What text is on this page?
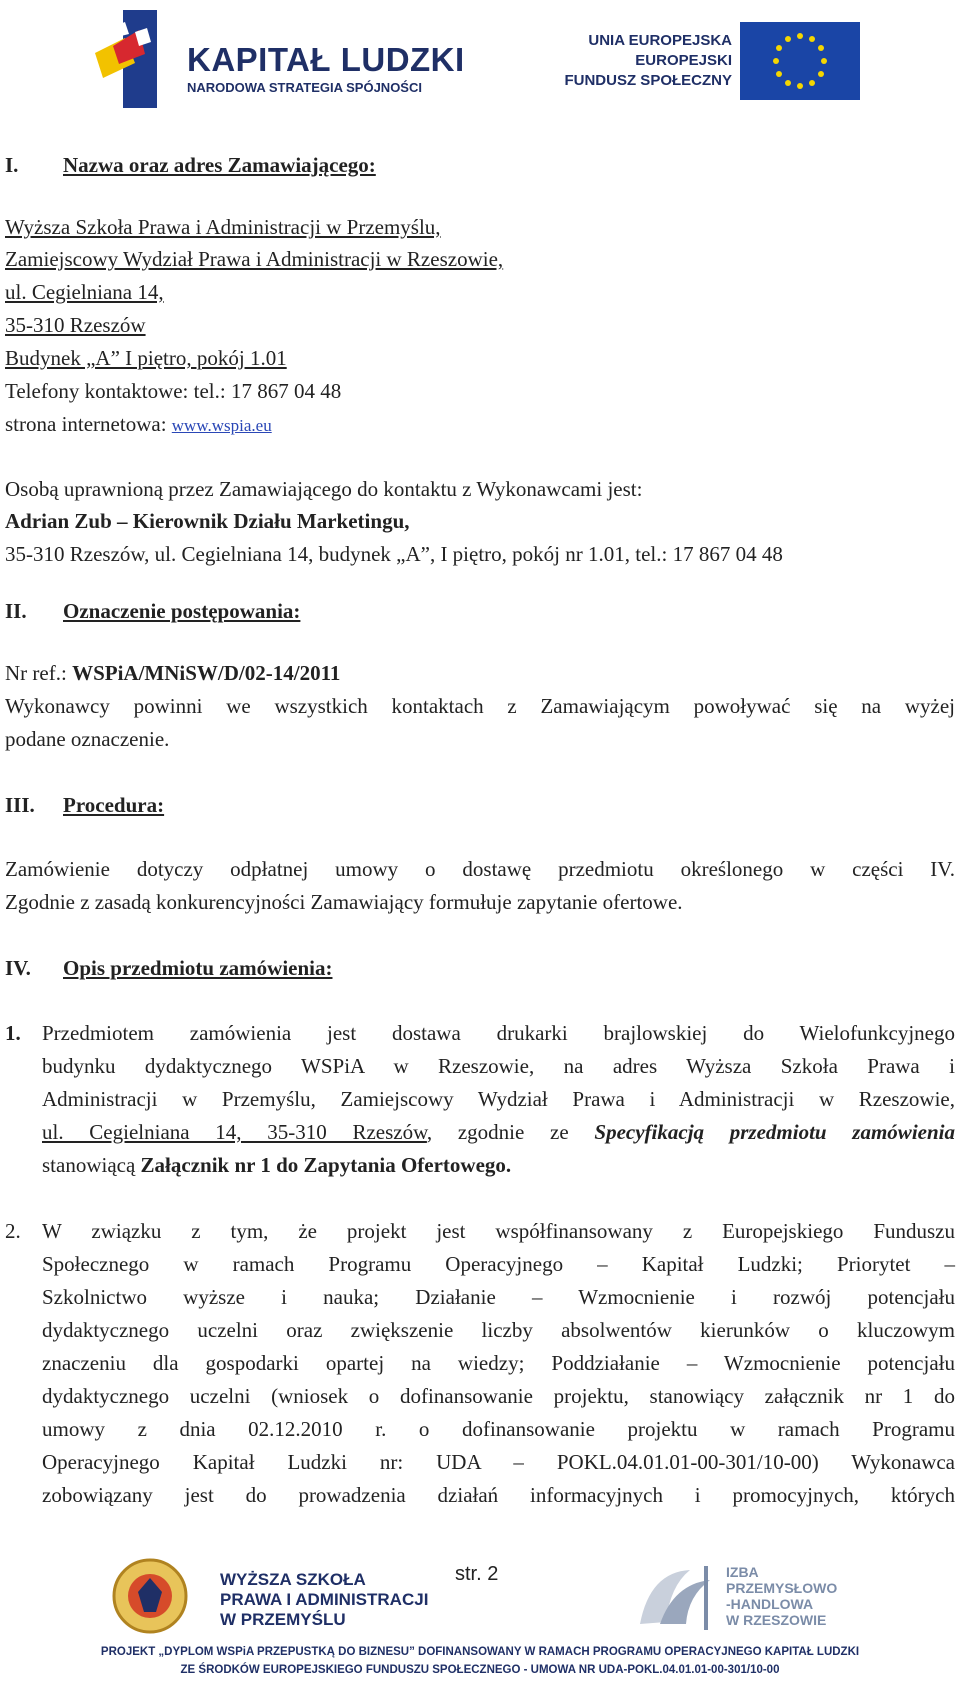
KAPITAŁ LUDZKI
NARODOWA STRATEGIA SPÓJNOŚCI
UNIA EUROPEJSKA
EUROPEJSKI
FUNDUSZ SPOŁECZNY
I. Nazwa oraz adres Zamawiającego:
Wyższa Szkoła Prawa i Administracji w Przemyślu,
Zamiejscowy Wydział Prawa i Administracji w Rzeszowie,
ul. Cegielniana 14,
35-310 Rzeszów
Budynek „A” I piętro, pokój 1.01
Telefony kontaktowe: tel.: 17 867 04 48
strona internetowa: www.wspia.eu
Osobą uprawnioną przez Zamawiającego do kontaktu z Wykonawcami jest:
Adrian Zub – Kierownik Działu Marketingu,
35-310 Rzeszów, ul. Cegielniana 14, budynek „A”, I piętro, pokój nr 1.01, tel.: 17 867 04 48
II. Oznaczenie postępowania:
Nr ref.: WSPiA/MNiSW/D/02-14/2011
Wykonawcy powinni we wszystkich kontaktach z Zamawiającym powoływać się na wyżej
podane oznaczenie.
III. Procedura:
Zamówienie dotyczy odpłatnej umowy o dostawę przedmiotu określonego w części IV.
Zgodnie z zasadą konkurencyjności Zamawiający formułuje zapytanie ofertowe.
IV. Opis przedmiotu zamówienia:
1. Przedmiotem zamówienia jest dostawa drukarki brajlowskiej do Wielofunkcyjnego
budynku dydaktycznego WSPiA w Rzeszowie, na adres Wyższa Szkoła Prawa i
Administracji w Przemyślu, Zamiejscowy Wydział Prawa i Administracji w Rzeszowie,
ul. Cegielniana 14, 35-310 Rzeszów, zgodnie ze Specyfikacją przedmiotu zamówienia
stanowiącą Załącznik nr 1 do Zapytania Ofertowego.
2. W związku z tym, że projekt jest współfinansowany z Europejskiego Funduszu
Społecznego w ramach Programu Operacyjnego – Kapitał Ludzki; Priorytet –
Szkolnictwo wyższe i nauka; Działanie – Wzmocnienie i rozwój potencjału
dydaktycznego uczelni oraz zwiększenie liczby absolwentów kierunków o kluczowym
znaczeniu dla gospodarki opartej na wiedzy; Poddziałanie – Wzmocnienie potencjału
dydaktycznego uczelni (wniosek o dofinansowanie projektu, stanowiący załącznik nr 1 do
umowy z dnia 02.12.2010 r. o dofinansowanie projektu w ramach Programu
Operacyjnego Kapitał Ludzki nr: UDA – POKL.04.01.01-00-301/10-00) Wykonawca
zobowiązany jest do prowadzenia działań informacyjnych i promocyjnych, których
str. 2
WYŻSZA SZKOŁA
PRAWA I ADMINISTRACJI
W PRZEMYŚLU
IZBA
PRZEMYSŁOWO
-HANDLOWA
W RZESZOWIE
PROJEKT „DYPLOM WSPiA PRZEPUSTKĄ DO BIZNESU” DOFINANSOWANY W RAMACH PROGRAMU OPERACYJNEGO KAPITAŁ LUDZKI
ZE ŚRODKÓW EUROPEJSKIEGO FUNDUSZU SPOŁECZNEGO - UMOWA NR UDA-POKL.04.01.01-00-301/10-00
